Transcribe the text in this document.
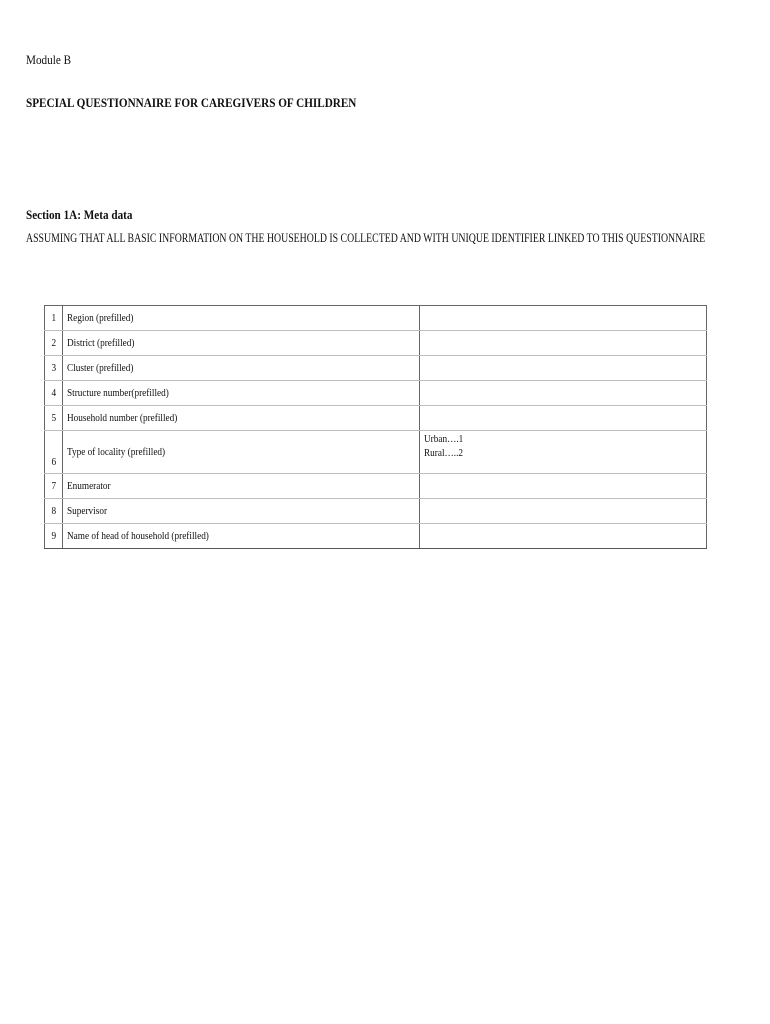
Module B
SPECIAL QUESTIONNAIRE FOR CAREGIVERS OF CHILDREN
Section 1A: Meta data
ASSUMING THAT ALL BASIC INFORMATION ON THE HOUSEHOLD IS COLLECTED AND WITH UNIQUE IDENTIFIER LINKED TO THIS QUESTIONNAIRE
1	Region (prefilled)	
2	District (prefilled)	
3	Cluster (prefilled)	
4	Structure number(prefilled)	
5	Household number (prefilled)	
6	Type of locality (prefilled)	Urban….1
Rural…..2

7	Enumerator	
8	Supervisor	
9	Name of head of household (prefilled)	
